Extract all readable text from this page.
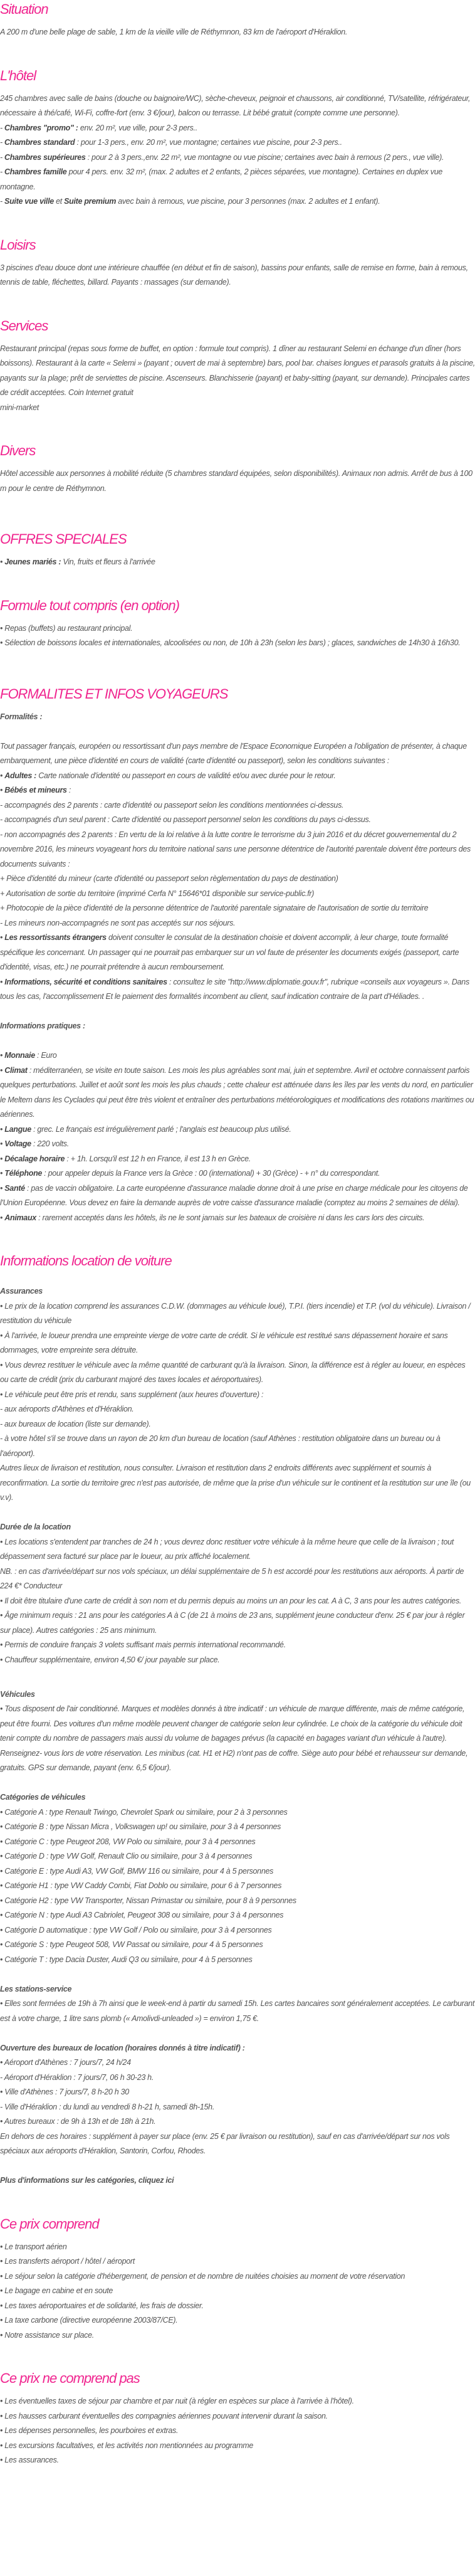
Situation

A 200 m d'une belle plage de sable, 1 km de la vieille ville de Réthymnon, 83 km de l'aéroport d'Héraklion.

L'hôtel

245 chambres avec salle de bains (douche ou baignoire/WC), sèche-cheveux, peignoir et chaussons, air conditionné, TV/satellite, réfrigérateur, nécessaire à thé/café, Wi-Fi, coffre-fort (env. 3 €/jour), balcon ou terrasse. Lit bébé gratuit (compte comme une personne).

- Chambres "promo" : env. 20 m², vue ville, pour 2-3 pers..

- Chambres standard : pour 1-3 pers., env. 20 m², vue montagne; certaines vue piscine, pour 2-3 pers..

- Chambres supérieures : pour 2 à 3 pers.,env. 22 m², vue montagne ou vue piscine; certaines avec bain à remous (2 pers., vue ville).

- Chambres famille pour 4 pers. env. 32 m², (max. 2 adultes et 2 enfants, 2 pièces séparées, vue montagne). Certaines en duplex vue montagne.

- Suite vue ville et Suite premium avec bain à remous, vue piscine, pour 3 personnes (max. 2 adultes et 1 enfant).

Loisirs

3 piscines d'eau douce dont une intérieure chauffée (en début et fin de saison), bassins pour enfants, salle de remise en forme, bain à remous, tennis de table, fléchettes, billard. Payants : massages (sur demande).

Services

Restaurant principal (repas sous forme de buffet, en option : formule tout compris). 1 dîner au restaurant Selemi en échange d'un dîner (hors boissons). Restaurant à la carte « Selemi » (payant ; ouvert de mai à septembre) bars, pool bar. chaises longues et parasols gratuits à la piscine, payants sur la plage; prêt de serviettes de piscine. Ascenseurs. Blanchisserie (payant) et baby-sitting (payant, sur demande). Principales cartes de crédit acceptées. Coin Internet gratuit

mini-market

Divers

Hôtel accessible aux personnes à mobilité réduite (5 chambres standard équipées, selon disponibilités). Animaux non admis. Arrêt de bus à 100 m pour le centre de Réthymnon.

OFFRES SPECIALES

• Jeunes mariés : Vin, fruits et fleurs à l'arrivée

Formule tout compris (en option)

• Repas (buffets) au restaurant principal.

• Sélection de boissons locales et internationales, alcoolisées ou non, de 10h à 23h (selon les bars) ; glaces, sandwiches de 14h30 à 16h30.

FORMALITES ET INFOS VOYAGEURS

Formalités :

Tout passager français, européen ou ressortissant d'un pays membre de l'Espace Economique Européen a l'obligation de présenter, à chaque embarquement, une pièce d'identité en cours de validité (carte d'identité ou passeport), selon les conditions suivantes :

• Adultes : Carte nationale d'identité ou passeport en cours de validité et/ou avec durée pour le retour.

• Bébés et mineurs :

- accompagnés des 2 parents : carte d'identité ou passeport selon les conditions mentionnées ci-dessus.

- accompagnés d'un seul parent : Carte d'identité ou passeport personnel selon les conditions du pays ci-dessus.

- non accompagnés des 2 parents : En vertu de la loi relative à la lutte contre le terrorisme du 3 juin 2016 et du décret gouvernemental du 2 novembre 2016, les mineurs voyageant hors du territoire national sans une personne détentrice de l'autorité parentale doivent être porteurs des documents suivants :

+ Pièce d'identité du mineur (carte d'identité ou passeport selon règlementation du pays de destination)

+ Autorisation de sortie du territoire (imprimé Cerfa N° 15646*01 disponible sur service-public.fr)

+ Photocopie de la pièce d'identité de la personne détentrice de l'autorité parentale signataire de l'autorisation de sortie du territoire

- Les mineurs non-accompagnés ne sont pas acceptés sur nos séjours.

• Les ressortissants étrangers doivent consulter le consulat de la destination choisie et doivent accomplir, à leur charge, toute formalité spécifique les concernant. Un passager qui ne pourrait pas embarquer sur un vol faute de présenter les documents exigés (passeport, carte d'identité, visas, etc.) ne pourrait prétendre à aucun remboursement.

• Informations, sécurité et conditions sanitaires : consultez le site "http://www.diplomatie.gouv.fr", rubrique «conseils aux voyageurs ». Dans tous les cas, l'accomplissement Et le paiement des formalités incombent au client, sauf indication contraire de la part d'Héliades. .

Informations pratiques :

• Monnaie : Euro

• Climat : méditerranéen, se visite en toute saison. Les mois les plus agréables sont mai, juin et septembre. Avril et octobre connaissent parfois quelques perturbations. Juillet et août sont les mois les plus chauds ; cette chaleur est atténuée dans les îles par les vents du nord, en particulier le Meltem dans les Cyclades qui peut être très violent et entraîner des perturbations météorologiques et modifications des rotations maritimes ou aériennes.

• Langue : grec. Le français est irrégulièrement parlé ; l'anglais est beaucoup plus utilisé.

• Voltage : 220 volts.

• Décalage horaire : + 1h. Lorsqu'il est 12 h en France, il est 13 h en Grèce.

• Téléphone : pour appeler depuis la France vers la Grèce : 00 (international) + 30 (Grèce) - + n° du correspondant.

• Santé : pas de vaccin obligatoire. La carte européenne d'assurance maladie donne droit à une prise en charge médicale pour les citoyens de l'Union Européenne. Vous devez en faire la demande auprès de votre caisse d'assurance maladie (comptez au moins 2 semaines de délai).

• Animaux : rarement acceptés dans les hôtels, ils ne le sont jamais sur les bateaux de croisière ni dans les cars lors des circuits.

Informations location de voiture

Assurances

• Le prix de la location comprend les assurances C.D.W. (dommages au véhicule loué), T.P.I. (tiers incendie) et T.P. (vol du véhicule). Livraison / restitution du véhicule

• À l'arrivée, le loueur prendra une empreinte vierge de votre carte de crédit. Si le véhicule est restitué sans dépassement horaire et sans dommages, votre empreinte sera détruite.

• Vous devrez restituer le véhicule avec la même quantité de carburant qu'à la livraison. Sinon, la différence est à régler au loueur, en espèces ou carte de crédit (prix du carburant majoré des taxes locales et aéroportuaires).

• Le véhicule peut être pris et rendu, sans supplément (aux heures d'ouverture) :

- aux aéroports d'Athènes et d'Héraklion.

- aux bureaux de location (liste sur demande).

- à votre hôtel s'il se trouve dans un rayon de 20 km d'un bureau de location (sauf Athènes : restitution obligatoire dans un bureau ou à l'aéroport).

Autres lieux de livraison et restitution, nous consulter. Livraison et restitution dans 2 endroits différents avec supplément et soumis à reconfirmation. La sortie du territoire grec n'est pas autorisée, de même que la prise d'un véhicule sur le continent et la restitution sur une île (ou v.v).

Durée de la location

• Les locations s'entendent par tranches de 24 h ; vous devrez donc restituer votre véhicule à la même heure que celle de la livraison ; tout dépassement sera facturé sur place par le loueur, au prix affiché localement.

NB. : en cas d'arrivée/départ sur nos vols spéciaux, un délai supplémentaire de 5 h est accordé pour les restitutions aux aéroports. À partir de 224 €* Conducteur

• Il doit être titulaire d'une carte de crédit à son nom et du permis depuis au moins un an pour les cat. A à C, 3 ans pour les autres catégories.

• Âge minimum requis : 21 ans pour les catégories A à C (de 21 à moins de 23 ans, supplément jeune conducteur d'env. 25 € par jour à régler sur place). Autres catégories : 25 ans minimum.

• Permis de conduire français 3 volets suffisant mais permis international recommandé.

• Chauffeur supplémentaire, environ 4,50 €/ jour payable sur place.

Véhicules

• Tous disposent de l'air conditionné. Marques et modèles donnés à titre indicatif : un véhicule de marque différente, mais de même catégorie, peut être fourni. Des voitures d'un même modèle peuvent changer de catégorie selon leur cylindrée. Le choix de la catégorie du véhicule doit tenir compte du nombre de passagers mais aussi du volume de bagages prévus (la capacité en bagages variant d'un véhicule à l'autre). Renseignez- vous lors de votre réservation. Les minibus (cat. H1 et H2) n'ont pas de coffre. Siège auto pour bébé et rehausseur sur demande, gratuits. GPS sur demande, payant (env. 6,5 €/jour).

Catégories de véhicules

• Catégorie A : type Renault Twingo, Chevrolet Spark ou similaire, pour 2 à 3 personnes

• Catégorie B : type Nissan Micra , Volkswagen up! ou similaire, pour 3 à 4 personnes

• Catégorie C : type Peugeot 208, VW Polo ou similaire, pour 3 à 4 personnes

• Catégorie D : type VW Golf, Renault Clio ou similaire, pour 3 à 4 personnes

• Catégorie E : type Audi A3, VW Golf, BMW 116 ou similaire, pour 4 à 5 personnes

• Catégorie H1 : type VW Caddy Combi, Fiat Doblo ou similaire, pour 6 à 7 personnes

• Catégorie H2 : type VW Transporter, Nissan Primastar ou similaire, pour 8 à 9 personnes

• Catégorie N : type Audi A3 Cabriolet, Peugeot 308 ou similaire, pour 3 à 4 personnes

• Catégorie D automatique : type VW Golf / Polo ou similaire, pour 3 à 4 personnes

• Catégorie S : type Peugeot 508, VW Passat ou similaire, pour 4 à 5 personnes

• Catégorie T : type Dacia Duster, Audi Q3 ou similaire, pour 4 à 5 personnes

Les stations-service

• Elles sont fermées de 19h à 7h ainsi que le week-end à partir du samedi 15h. Les cartes bancaires sont généralement acceptées. Le carburant est à votre charge, 1 litre sans plomb (« Amolivdi-unleaded ») = environ 1,75 €.

Ouverture des bureaux de location (horaires donnés à titre indicatif) :

• Aéroport d'Athènes : 7 jours/7, 24 h/24

- Aéroport d'Héraklion : 7 jours/7, 06 h 30-23 h.

• Ville d'Athènes : 7 jours/7, 8 h-20 h 30

- Ville d'Héraklion : du lundi au vendredi 8 h-21 h, samedi 8h-15h.

• Autres bureaux : de 9h à 13h et de 18h à 21h.

En dehors de ces horaires : supplément à payer sur place (env. 25 € par livraison ou restitution), sauf en cas d'arrivée/départ sur nos vols spéciaux aux aéroports d'Héraklion, Santorin, Corfou, Rhodes.

Plus d'informations sur les catégories, cliquez ici

Ce prix comprend

• Le transport aérien

• Les transferts aéroport / hôtel / aéroport

• Le séjour selon la catégorie d'hébergement, de pension et de nombre de nuitées choisies au moment de votre réservation

• Le bagage en cabine et en soute

• Les taxes aéroportuaires et de solidarité, les frais de dossier.

• La taxe carbone (directive européenne 2003/87/CE).

• Notre assistance sur place.

Ce prix ne comprend pas

• Les éventuelles taxes de séjour par chambre et par nuit (à régler en espèces sur place à l'arrivée à l'hôtel).

• Les hausses carburant éventuelles des compagnies aériennes pouvant intervenir durant la saison.

• Les dépenses personnelles, les pourboires et extras.

• Les excursions facultatives, et les activités non mentionnées au programme

• Les assurances.
